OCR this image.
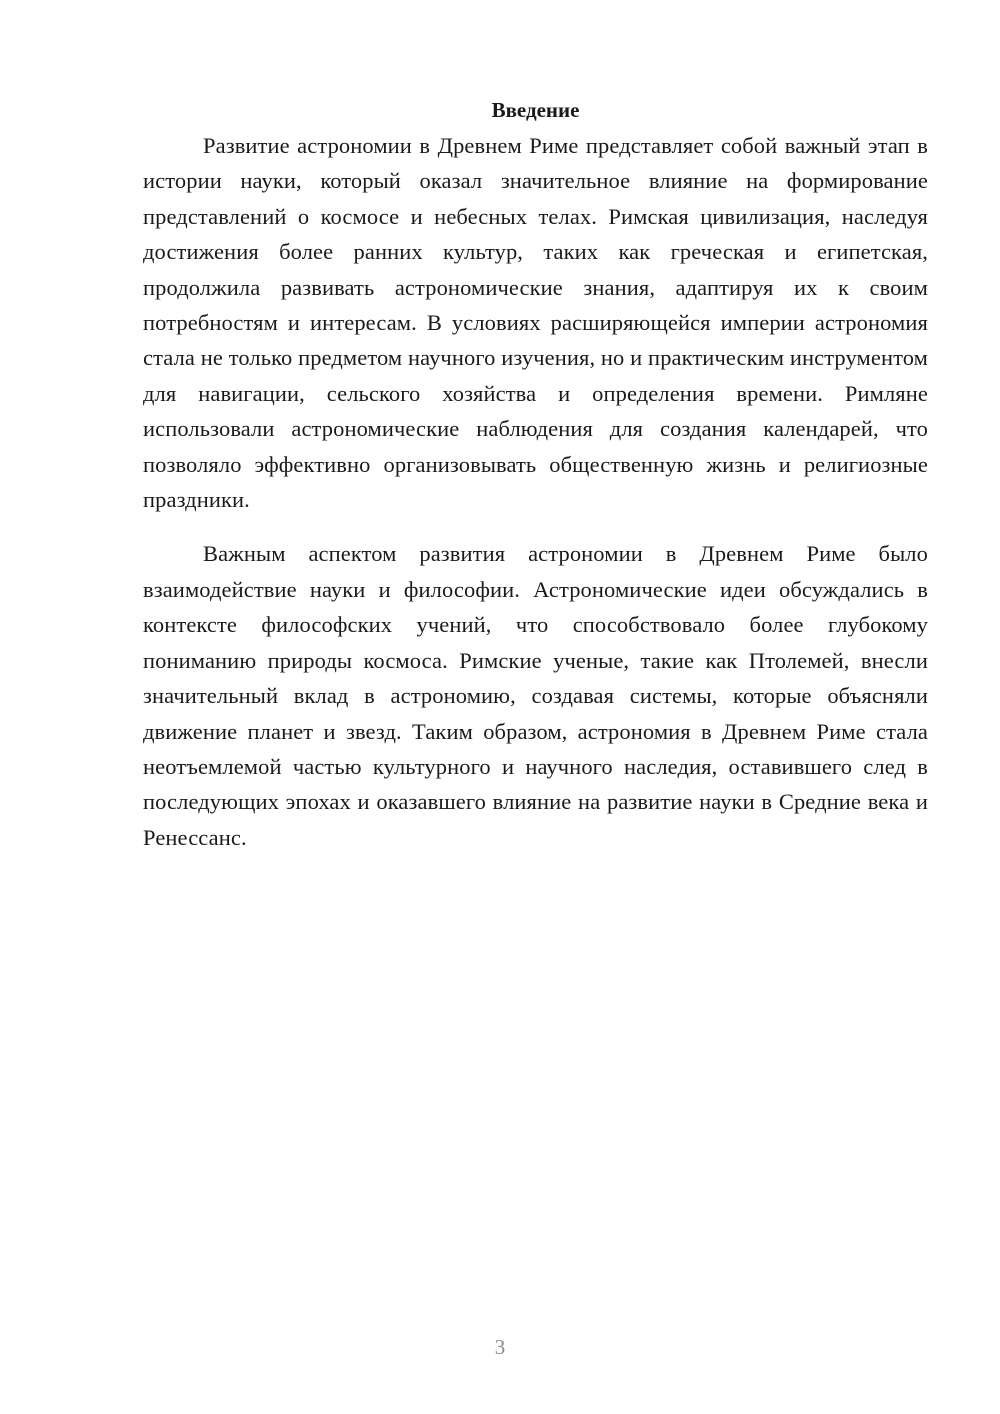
Введение

Развитие астрономии в Древнем Риме представляет собой важный этап в истории науки, который оказал значительное влияние на формирование представлений о космосе и небесных телах. Римская цивилизация, наследуя достижения более ранних культур, таких как греческая и египетская, продолжила развивать астрономические знания, адаптируя их к своим потребностям и интересам. В условиях расширяющейся империи астрономия стала не только предметом научного изучения, но и практическим инструментом для навигации, сельского хозяйства и определения времени. Римляне использовали астрономические наблюдения для создания календарей, что позволяло эффективно организовывать общественную жизнь и религиозные праздники.

Важным аспектом развития астрономии в Древнем Риме было взаимодействие науки и философии. Астрономические идеи обсуждались в контексте философских учений, что способствовало более глубокому пониманию природы космоса. Римские ученые, такие как Птолемей, внесли значительный вклад в астрономию, создавая системы, которые объясняли движение планет и звезд. Таким образом, астрономия в Древнем Риме стала неотъемлемой частью культурного и научного наследия, оставившего след в последующих эпохах и оказавшего влияние на развитие науки в Средние века и Ренессанс.

3
